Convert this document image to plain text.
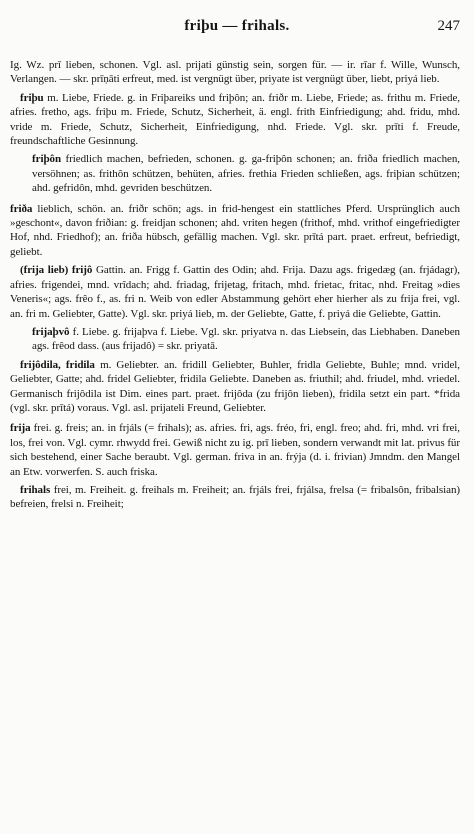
friþu — frihals.	247

Ig. Wz. prī lieben, schonen. Vgl. asl. prijati günstig sein, sorgen für. — ir. rīar f. Wille, Wunsch, Verlangen. — skr. prīṇāti erfreut, med. ist vergnügt über, priyate ist vergnügt über, liebt, priyá lieb.

friþu m. Liebe, Friede. g. in Friþareiks und friþôn; an. friðr m. Liebe, Friede; as. frithu m. Friede, afries. fretho, ags. friþu m. Friede, Schutz, Sicherheit, ä. engl. frith Einfriedigung; ahd. fridu, mhd. vride m. Friede, Schutz, Sicherheit, Einfriedigung, nhd. Friede. Vgl. skr. prīti f. Freude, freundschaftliche Gesinnung.

friþôn friedlich machen, befrieden, schonen. g. ga-friþôn schonen; an. friða friedlich machen, versöhnen; as. frithôn schützen, behüten, afries. frethia Frieden schließen, ags. friþian schützen; ahd. gefridôn, mhd. gevriden beschützen.

friða lieblich, schön. an. friðr schön; ags. in frid-hengest ein stattliches Pferd. Ursprünglich auch »geschont«, davon friðian: g. freidjan schonen; ahd. vriten hegen (frithof, mhd. vrithof eingefriedigter Hof, nhd. Friedhof); an. friða hübsch, gefällig machen. Vgl. skr. prītá part. praet. erfreut, befriedigt, geliebt.

(frija lieb) frijô Gattin. an. Frigg f. Gattin des Odin; ahd. Frija. Dazu ags. frigedæg (an. frjádagr), afries. frigendei, mnd. vrîdach; ahd. friadag, frijetag, fritach, mhd. frietac, fritac, nhd. Freitag »dies Veneris«; ags. frêo f., as. fri n. Weib von edler Abstammung gehört eher hierher als zu frija frei, vgl. an. fri m. Geliebter, Gatte). Vgl. skr. priyá lieb, m. der Geliebte, Gatte, f. priyá die Geliebte, Gattin.

frijaþvô f. Liebe. g. frijaþva f. Liebe. Vgl. skr. priyatva n. das Liebsein, das Liebhaben. Daneben ags. frêod dass. (aus frijadô) = skr. priyatā.

frijôdila, fridila m. Geliebter. an. fridill Geliebter, Buhler, fridla Geliebte, Buhle; mnd. vridel, Geliebter, Gatte; ahd. fridel Geliebter, fridila Geliebte. Daneben as. friuthil; ahd. friudel, mhd. vriedel. Germanisch frijôdila ist Dim. eines part. praet. frijôda (zu frijôn lieben), fridila setzt ein part. *frida (vgl. skr. prītá) voraus. Vgl. asl. prijateli Freund, Geliebter.

frija frei. g. freis; an. in frjáls (= frihals); as. afries. fri, ags. fréo, fri, engl. freo; ahd. fri, mhd. vri frei, los, frei von. Vgl. cymr. rhwydd frei. Gewiß nicht zu ig. prī lieben, sondern verwandt mit lat. privus für sich bestehend, einer Sache beraubt. Vgl. german. friva in an. frýja (d. i. frivian) Jmndm. den Mangel an Etw. vorwerfen. S. auch friska.

frihals frei, m. Freiheit. g. freihals m. Freiheit; an. frjáls frei, frjálsa, frelsa (= fribalsôn, fribalsian) befreien, frelsi n. Freiheit;
